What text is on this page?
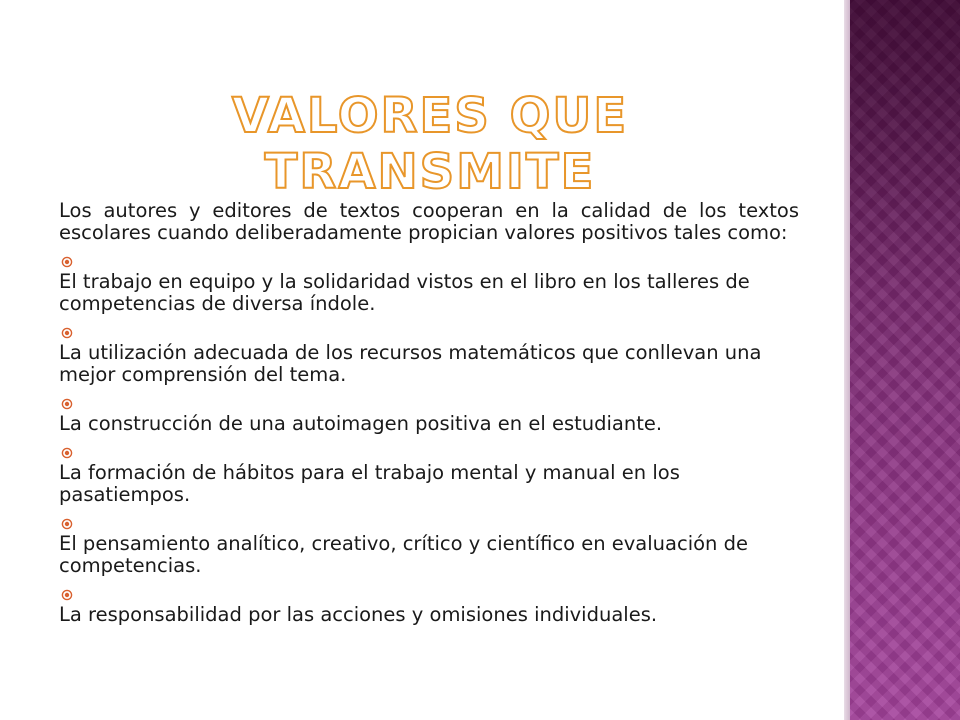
VALORES QUE TRANSMITE

Los autores y editores de textos cooperan en la calidad de los textos escolares cuando deliberadamente propician valores positivos tales como:

El trabajo en equipo y la solidaridad vistos en el libro en los talleres de competencias de diversa índole.
La utilización adecuada de los recursos matemáticos que conllevan una mejor comprensión del tema.
La construcción de una autoimagen positiva en el estudiante.
La formación de hábitos para el trabajo mental y manual en los pasatiempos.
El pensamiento analítico, creativo, crítico y científico en evaluación de competencias.
La responsabilidad por las acciones y omisiones individuales.
